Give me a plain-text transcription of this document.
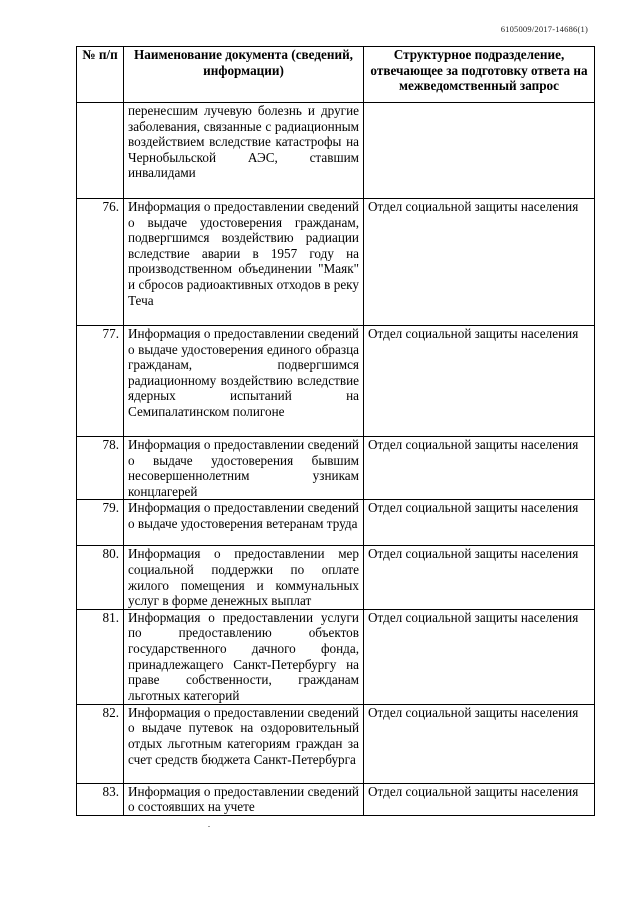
6105009/2017-14686(1)
№ п/п	Наименование документа (сведений, информации)	Структурное подразделение, отвечающее за подготовку ответа на межведомственный запрос
	перенесшим лучевую болезнь и другие заболевания, связанные с радиационным воздействием вследствие катастрофы на Чернобыльской АЭС, ставшим инвалидами	
76.	Информация о предоставлении сведений о выдаче удостоверения гражданам, подвергшимся воздействию радиации вследствие аварии в 1957 году на производственном объединении "Маяк" и сбросов радиоактивных отходов в реку Теча	Отдел социальной защиты населения
77.	Информация о предоставлении сведений о выдаче удостоверения единого образца гражданам, подвергшимся радиационному воздействию вследствие ядерных испытаний на Семипалатинском полигоне	Отдел социальной защиты населения
78.	Информация о предоставлении сведений о выдаче удостоверения бывшим несовершеннолетним узникам концлагерей	Отдел социальной защиты населения
79.	Информация о предоставлении сведений о выдаче удостоверения ветеранам труда	Отдел социальной защиты населения
80.	Информация о предоставлении мер социальной поддержки по оплате жилого помещения и коммунальных услуг в форме денежных выплат	Отдел социальной защиты населения
81.	Информация о предоставлении услуги по предоставлению объектов государственного дачного фонда, принадлежащего Санкт-Петербургу на праве собственности, гражданам льготных категорий	Отдел социальной защиты населения
82.	Информация о предоставлении сведений о выдаче путевок на оздоровительный отдых льготным категориям граждан за счет средств бюджета Санкт-Петербурга	Отдел социальной защиты населения
83.	Информация о предоставлении сведений о состоявших на учете	Отдел социальной защиты населения
